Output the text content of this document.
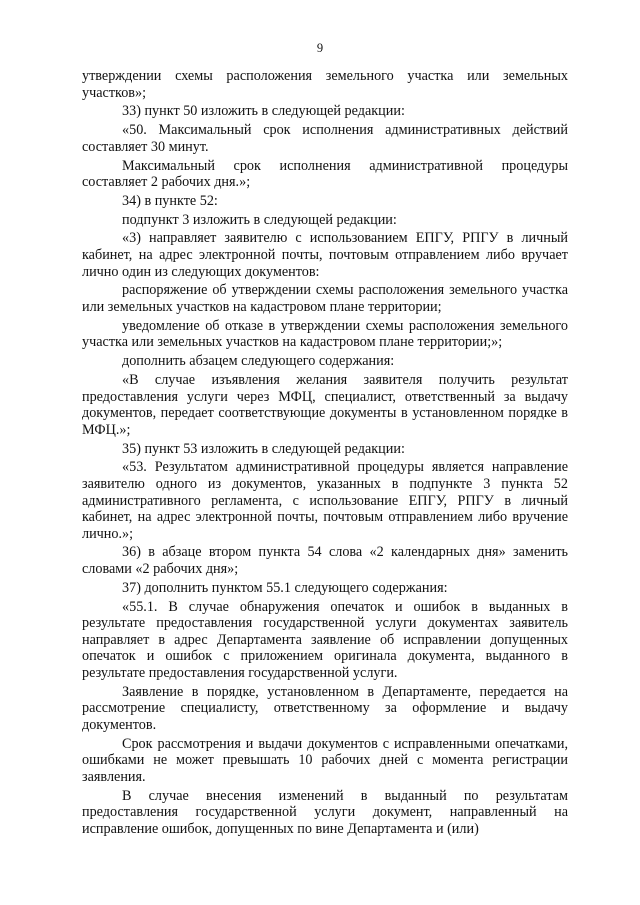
9

утверждении схемы расположения земельного участка или земельных участков»;

33) пункт 50 изложить в следующей редакции:

«50. Максимальный срок исполнения административных действий составляет 30 минут.

Максимальный срок исполнения административной процедуры составляет 2 рабочих дня.»;

34) в пункте 52:

подпункт 3 изложить в следующей редакции:

«3) направляет заявителю с использованием ЕПГУ, РПГУ в личный кабинет, на адрес электронной почты, почтовым отправлением либо вручает лично один из следующих документов:

распоряжение об утверждении схемы расположения земельного участка или земельных участков на кадастровом плане территории;

уведомление об отказе в утверждении схемы расположения земельного участка или земельных участков на кадастровом плане территории;»;

дополнить абзацем следующего содержания:

«В случае изъявления желания заявителя получить результат предоставления услуги через МФЦ, специалист, ответственный за выдачу документов, передает соответствующие документы в установленном порядке в МФЦ.»;

35) пункт 53 изложить в следующей редакции:

«53. Результатом административной процедуры является направление заявителю одного из документов, указанных в подпункте 3 пункта 52 административного регламента, с использование ЕПГУ, РПГУ в личный кабинет, на адрес электронной почты, почтовым отправлением либо вручение лично.»;

36) в абзаце втором пункта 54 слова «2 календарных дня» заменить словами «2 рабочих дня»;

37) дополнить пунктом 55.1 следующего содержания:

«55.1. В случае обнаружения опечаток и ошибок в выданных в результате предоставления государственной услуги документах заявитель направляет в адрес Департамента заявление об исправлении допущенных опечаток и ошибок с приложением оригинала документа, выданного в результате предоставления государственной услуги.

Заявление в порядке, установленном в Департаменте, передается на рассмотрение специалисту, ответственному за оформление и выдачу документов.

Срок рассмотрения и выдачи документов с исправленными опечатками, ошибками не может превышать 10 рабочих дней с момента регистрации заявления.

В случае внесения изменений в выданный по результатам предоставления государственной услуги документ, направленный на исправление ошибок, допущенных по вине Департамента и (или)
